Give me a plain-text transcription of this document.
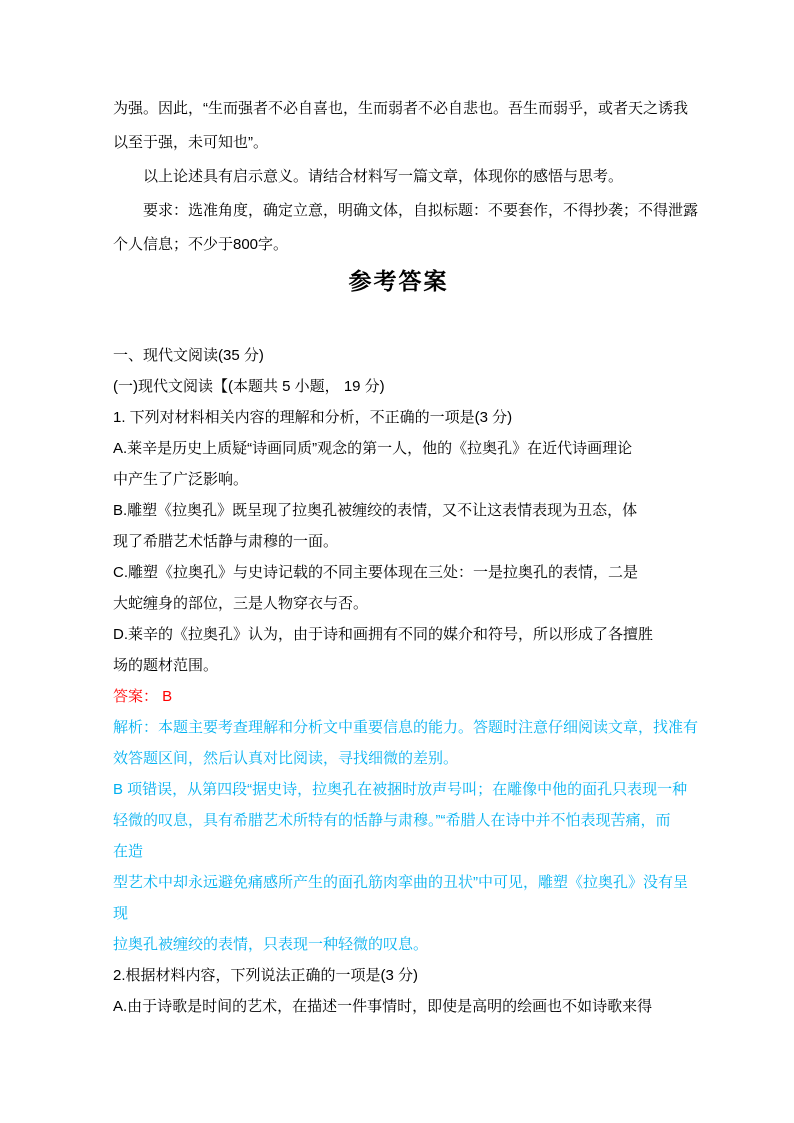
为强。因此，“生而强者不必自喜也，生而弱者不必自悲也。吾生而弱乎，或者天之诱我
以至于强，未可知也”。
以上论述具有启示意义。请结合材料写一篇文章，体现你的感悟与思考。
要求：选准角度，确定立意，明确文体，自拟标题：不要套作，不得抄袭；不得泄露
个人信息；不少于800字。
参考答案
一、现代文阅读(35 分)
(一)现代文阅读【(本题共 5 小题， 19 分)
1. 下列对材料相关内容的理解和分析，不正确的一项是(3 分)
A.莱辛是历史上质疑“诗画同质”观念的第一人，他的《拉奥孔》在近代诗画理论
中产生了广泛影响。
B.雕塑《拉奥孔》既呈现了拉奥孔被缠绞的表情，又不让这表情表现为丑态，体
现了希腊艺术恬静与肃穆的一面。
C.雕塑《拉奥孔》与史诗记载的不同主要体现在三处：一是拉奥孔的表情，二是
大蛇缠身的部位，三是人物穿衣与否。
D.莱辛的《拉奥孔》认为，由于诗和画拥有不同的媒介和符号，所以形成了各擅胜
场的题材范围。
答案： B
解析：本题主要考查理解和分析文中重要信息的能力。答题时注意仔细阅读文章，找准有
效答题区间，然后认真对比阅读，寻找细微的差别。
B 项错误，从第四段“据史诗，拉奥孔在被捆时放声号叫；在雕像中他的面孔只表现一种
轻微的叹息，具有希腊艺术所特有的恬静与肃穆。”“希腊人在诗中并不怕表现苦痛，而
在造
型艺术中却永远避免痛感所产生的面孔筋肉挛曲的丑状”中可见，雕塑《拉奥孔》没有呈
现
拉奥孔被缠绞的表情，只表现一种轻微的叹息。
2.根据材料内容，下列说法正确的一项是(3 分)
A.由于诗歌是时间的艺术，在描述一件事情时，即使是高明的绘画也不如诗歌来得
